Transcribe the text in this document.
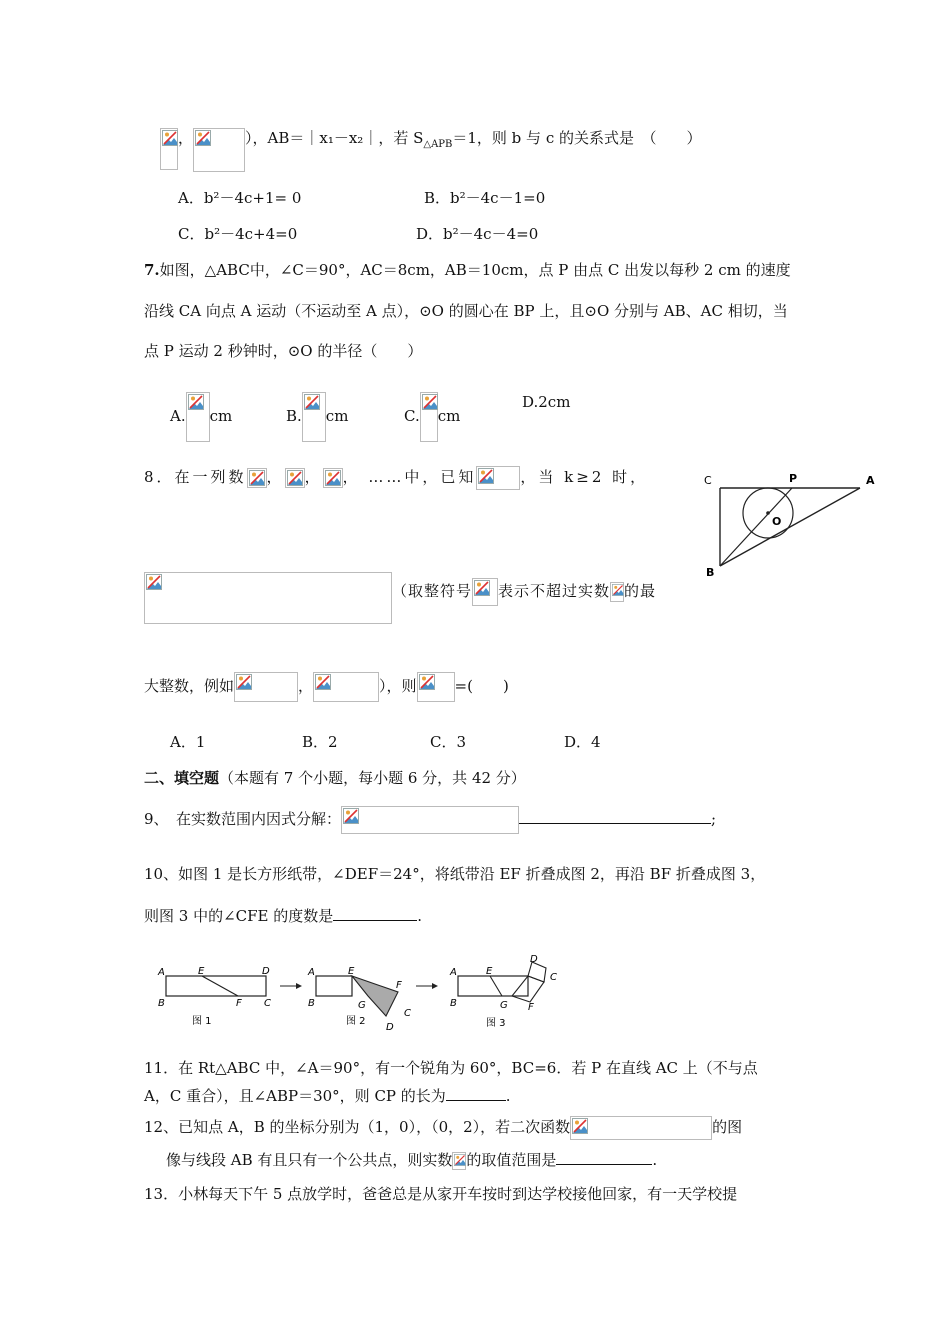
，	），AB＝｜x₁－x₂｜，若 $S_{\triangle APB}=1$，则 b 与 c 的关系式是　（　　）
A．b²－4c+1= 0	B．b²－4c－1=0
C．b²－4c+4=0	D．b²－4c－4=0
7.如图，△ABC中，∠C＝90°，AC＝8cm，AB＝10cm，点 P 由点 C 出发以每秒 2 cm 的速度
沿线 CA 向点 A 运动（不运动至 A 点），⊙O 的圆心在 BP 上，且⊙O 分别与 AB、AC 相切，当
点 P 运动 2 秒钟时，⊙O 的半径（　　）
A. cm	B. cm	C. cm
D.2cm
8．在一列数 ， ， ， ……中，已知	，当 k≥2 时，	C	P	A
O
B
（取整符号 表示不超过实数 的最
大整数，例如	，	），则	=(　　)
A．1	B．2	C．3	D．4
二、填空题（本题有 7 个小题，每小题 6 分，共 42 分）
9、　在实数范围内因式分解：	;
10、如图 1 是长方形纸带，∠DEF＝24°，将纸带沿 EF 折叠成图 2，再沿 BF 折叠成图 3，
则图 3 中的∠CFE 的度数是	.
A	E	D
B	F C
图 1
A	E
B	G
F
C
D
图 2
A	E
B	G F
D
C
图 3
11．在 Rt△ABC 中，∠A＝90°，有一个锐角为 60°，BC=6．若 P 在直线 AC 上（不与点
A，C 重合），且∠ABP＝30°，则 CP 的长为	.
12、已知点 A，B 的坐标分别为（1，0），（0，2），若二次函数	的图
像与线段 AB 有且只有一个公共点，则实数 的取值范围是	.
13．小林每天下午 5 点放学时，爸爸总是从家开车按时到达学校接他回家，有一天学校提
